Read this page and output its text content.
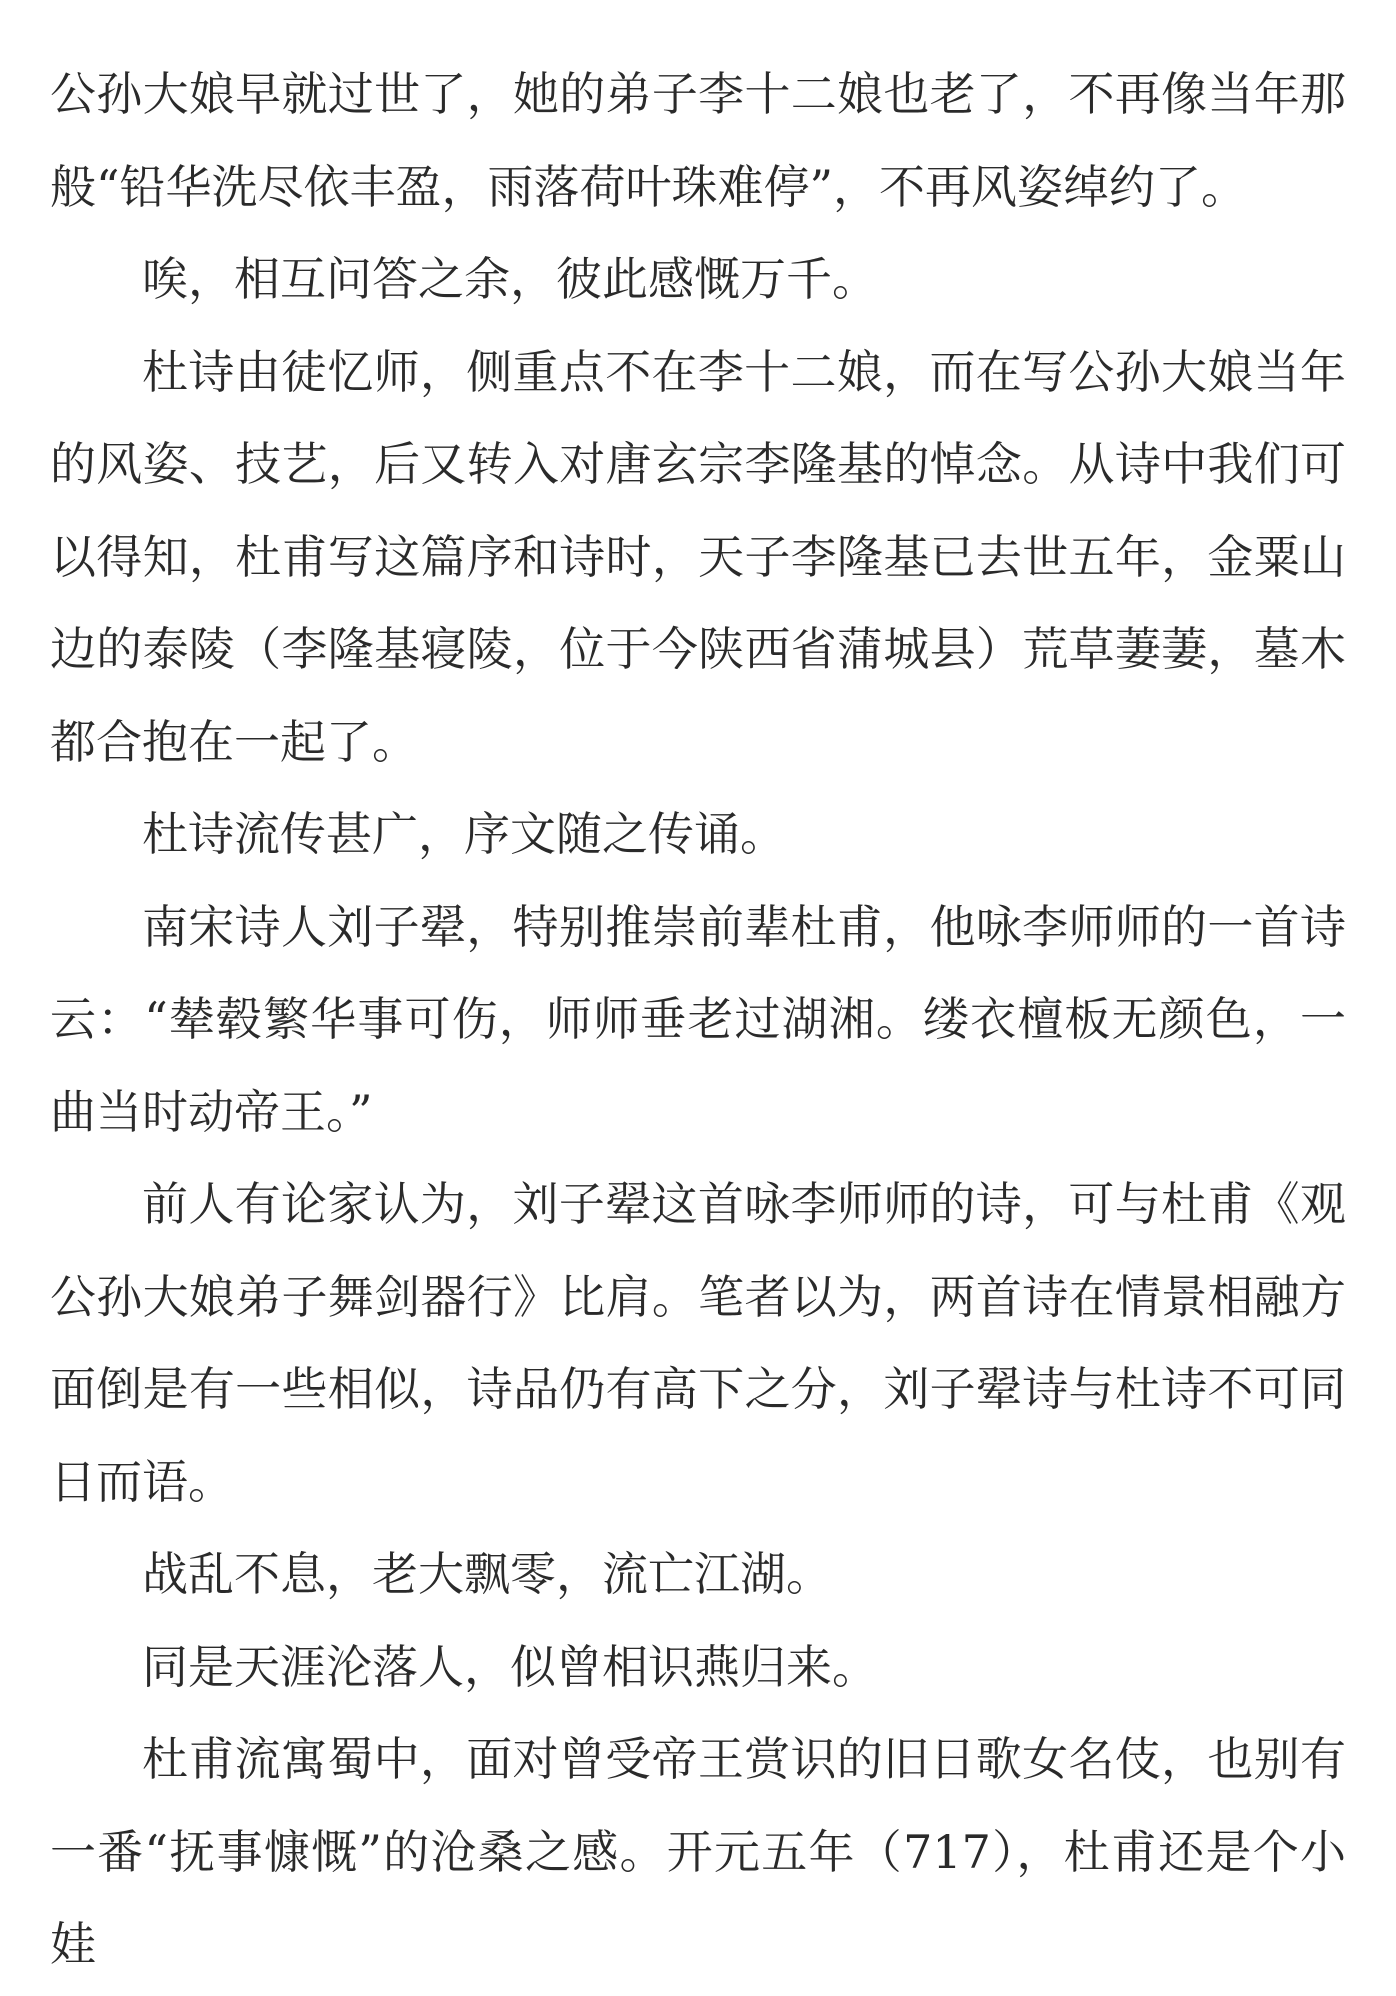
公孙大娘早就过世了，她的弟子李十二娘也老了，不再像当年那般“铅华洗尽依丰盈，雨落荷叶珠难停”，不再风姿绰约了。

唉，相互问答之余，彼此感慨万千。

杜诗由徒忆师，侧重点不在李十二娘，而在写公孙大娘当年的风姿、技艺，后又转入对唐玄宗李隆基的悼念。从诗中我们可以得知，杜甫写这篇序和诗时，天子李隆基已去世五年，金粟山边的泰陵（李隆基寝陵，位于今陕西省蒲城县）荒草萋萋，墓木都合抱在一起了。

杜诗流传甚广，序文随之传诵。

南宋诗人刘子翚，特别推崇前辈杜甫，他咏李师师的一首诗云：“辇毂繁华事可伤，师师垂老过湖湘。缕衣檀板无颜色，一曲当时动帝王。”

前人有论家认为，刘子翚这首咏李师师的诗，可与杜甫《观公孙大娘弟子舞剑器行》比肩。笔者以为，两首诗在情景相融方面倒是有一些相似，诗品仍有高下之分，刘子翚诗与杜诗不可同日而语。

战乱不息，老大飘零，流亡江湖。

同是天涯沦落人，似曾相识燕归来。

杜甫流寓蜀中，面对曾受帝王赏识的旧日歌女名伎，也别有一番“抚事慷慨”的沧桑之感。开元五年（717），杜甫还是个小娃
